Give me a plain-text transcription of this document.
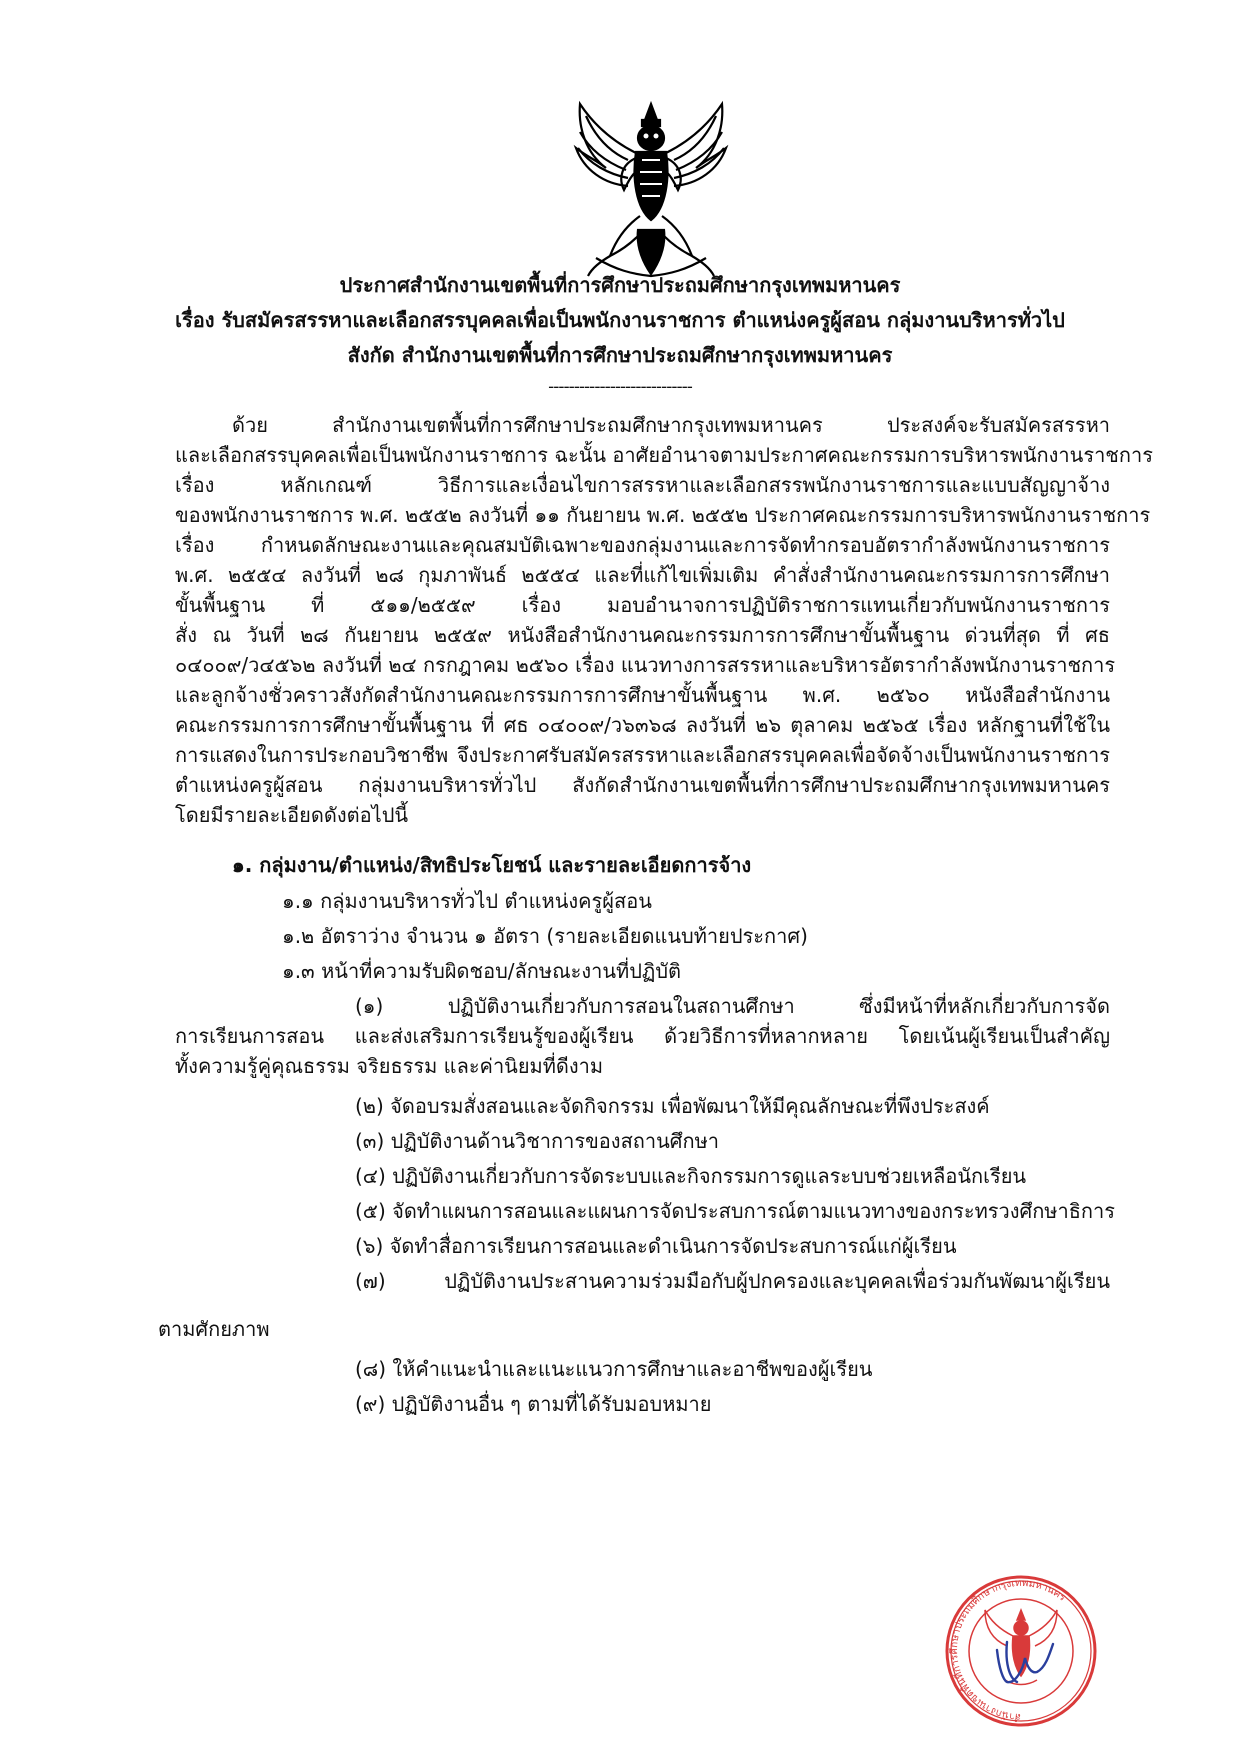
ประกาศสำนักงานเขตพื้นที่การศึกษาประถมศึกษากรุงเทพมหานคร
เรื่อง รับสมัครสรรหาและเลือกสรรบุคคลเพื่อเป็นพนักงานราชการ ตำแหน่งครูผู้สอน กลุ่มงานบริหารทั่วไป
สังกัด สำนักงานเขตพื้นที่การศึกษาประถมศึกษากรุงเทพมหานคร
----------------------------
ด้วย สำนักงานเขตพื้นที่การศึกษาประถมศึกษากรุงเทพมหานคร ประสงค์จะรับสมัครสรรหา
และเลือกสรรบุคคลเพื่อเป็นพนักงานราชการ ฉะนั้น อาศัยอำนาจตามประกาศคณะกรรมการบริหารพนักงานราชการ
เรื่อง หลักเกณฑ์ วิธีการและเงื่อนไขการสรรหาและเลือกสรรพนักงานราชการและแบบสัญญาจ้าง
ของพนักงานราชการ พ.ศ. ๒๕๕๒ ลงวันที่ ๑๑ กันยายน พ.ศ. ๒๕๕๒ ประกาศคณะกรรมการบริหารพนักงานราชการ
เรื่อง กำหนดลักษณะงานและคุณสมบัติเฉพาะของกลุ่มงานและการจัดทำกรอบอัตรากำลังพนักงานราชการ
พ.ศ. ๒๕๕๔ ลงวันที่ ๒๘ กุมภาพันธ์ ๒๕๕๔ และที่แก้ไขเพิ่มเติม คำสั่งสำนักงานคณะกรรมการการศึกษา
ขั้นพื้นฐาน ที่ ๕๑๑/๒๕๕๙ เรื่อง มอบอำนาจการปฏิบัติราชการแทนเกี่ยวกับพนักงานราชการ
สั่ง ณ วันที่ ๒๘ กันยายน ๒๕๕๙ หนังสือสำนักงานคณะกรรมการการศึกษาขั้นพื้นฐาน ด่วนที่สุด ที่ ศธ
๐๔๐๐๙/ว๔๕๖๒ ลงวันที่ ๒๔ กรกฎาคม ๒๕๖๐ เรื่อง แนวทางการสรรหาและบริหารอัตรากำลังพนักงานราชการ
และลูกจ้างชั่วคราวสังกัดสำนักงานคณะกรรมการการศึกษาขั้นพื้นฐาน พ.ศ. ๒๕๖๐ หนังสือสำนักงาน
คณะกรรมการการศึกษาขั้นพื้นฐาน ที่ ศธ ๐๔๐๐๙/ว๖๓๖๘ ลงวันที่ ๒๖ ตุลาคม ๒๕๖๕ เรื่อง หลักฐานที่ใช้ใน
การแสดงในการประกอบวิชาชีพ จึงประกาศรับสมัครสรรหาและเลือกสรรบุคคลเพื่อจัดจ้างเป็นพนักงานราชการ
ตำแหน่งครูผู้สอน กลุ่มงานบริหารทั่วไป สังกัดสำนักงานเขตพื้นที่การศึกษาประถมศึกษากรุงเทพมหานคร
โดยมีรายละเอียดดังต่อไปนี้
๑. กลุ่มงาน/ตำแหน่ง/สิทธิประโยชน์ และรายละเอียดการจ้าง
๑.๑ กลุ่มงานบริหารทั่วไป ตำแหน่งครูผู้สอน
๑.๒ อัตราว่าง จำนวน ๑ อัตรา (รายละเอียดแนบท้ายประกาศ)
๑.๓ หน้าที่ความรับผิดชอบ/ลักษณะงานที่ปฏิบัติ
(๑) ปฏิบัติงานเกี่ยวกับการสอนในสถานศึกษา ซึ่งมีหน้าที่หลักเกี่ยวกับการจัด
การเรียนการสอน และส่งเสริมการเรียนรู้ของผู้เรียน ด้วยวิธีการที่หลากหลาย โดยเน้นผู้เรียนเป็นสำคัญ
ทั้งความรู้คู่คุณธรรม จริยธรรม และค่านิยมที่ดีงาม
(๒) จัดอบรมสั่งสอนและจัดกิจกรรม เพื่อพัฒนาให้มีคุณลักษณะที่พึงประสงค์
(๓) ปฏิบัติงานด้านวิชาการของสถานศึกษา
(๔) ปฏิบัติงานเกี่ยวกับการจัดระบบและกิจกรรมการดูแลระบบช่วยเหลือนักเรียน
(๕) จัดทำแผนการสอนและแผนการจัดประสบการณ์ตามแนวทางของกระทรวงศึกษาธิการ
(๖) จัดทำสื่อการเรียนการสอนและดำเนินการจัดประสบการณ์แก่ผู้เรียน
(๗) ปฏิบัติงานประสานความร่วมมือกับผู้ปกครองและบุคคลเพื่อร่วมกันพัฒนาผู้เรียน
ตามศักยภาพ
(๘) ให้คำแนะนำและแนะแนวการศึกษาและอาชีพของผู้เรียน
(๙) ปฏิบัติงานอื่น ๆ ตามที่ได้รับมอบหมาย
สำนักงานเขตพื้นที่การศึกษาประถมศึกษากรุงเทพมหานคร
